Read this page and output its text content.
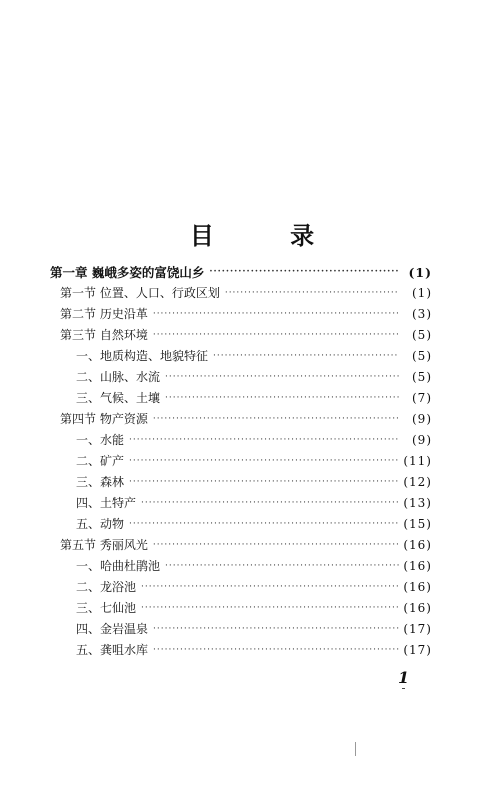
目 录
第一章 巍峨多姿的富饶山乡 ·····	(1)
第一节 位置、人口、行政区划 ·····	(1)
第二节 历史沿革 ·····	(3)
第三节 自然环境 ·····	(5)
一、地质构造、地貌特征 ·····	(5)
二、山脉、水流 ·····	(5)
三、气候、土壤 ·····	(7)
第四节 物产资源 ·····	(9)
一、水能 ·····	(9)
二、矿产 ·····	(11)
三、森林 ·····	(12)
四、土特产 ·····	(13)
五、动物 ·····	(15)
第五节 秀丽风光 ·····	(16)
一、哈曲杜鹃池 ·····	(16)
二、龙浴池 ·····	(16)
三、七仙池 ·····	(16)
四、金岩温泉 ·····	(17)
五、龚咀水库 ·····	(17)
1
